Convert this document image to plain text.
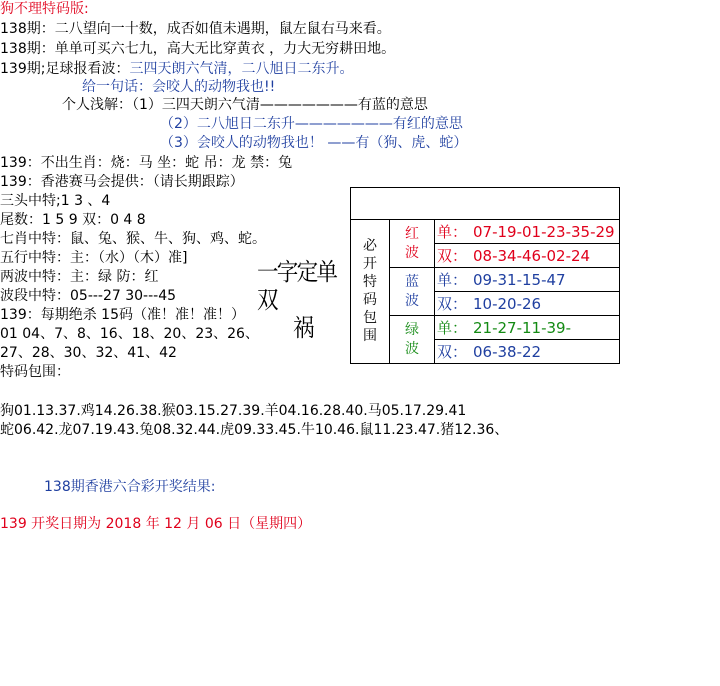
狗不理特码版:
138期：二八望向一十数，成否如值未遇期，鼠左鼠右马来看。
138期：单单可买六七九，高大无比穿黄衣 ，力大无穷耕田地。
139期;足球报看波：三四天朗六气清，二八旭日二东升。
给一句话：会咬人的动物我也!!
个人浅解：（1）三四天朗六气清———————有蓝的意思
（2）二八旭日二东升———————有红的意思
（3）会咬人的动物我也！ ——有（狗、虎、蛇）
139：不出生肖：烧：马 坐：蛇 吊：龙 禁：兔
139：香港赛马会提供：（请长期跟踪）
三头中特;1 3 、4
尾数：1 5 9 双：0 4 8
七肖中特：鼠、兔、猴、牛、狗、鸡、蛇。
五行中特：主：（水）（木）准]
两波中特：主：绿 防：红
波段中特：05---27 30---45
139：每期绝杀 15码（准！准！准！）
01 04、7、8、16、18、20、23、26、
27、28、30、32、41、42
特码包围：
狗01.13.37.鸡14.26.38.猴03.15.27.39.羊04.16.28.40.马05.17.29.41
蛇06.42.龙07.19.43.兔08.32.44.虎09.33.45.牛10.46.鼠11.23.47.猪12.36、
一字定单双
祸

必开特码包围	红波	单： 07-19-01-23-35-29
		双： 08-34-46-02-24
	蓝波	单： 09-31-15-47
		双： 10-20-26
	绿波	单： 21-27-11-39-
		双： 06-38-22
138期香港六合彩开奖结果:
139 开奖日期为 2018 年 12 月 06 日（星期四）
